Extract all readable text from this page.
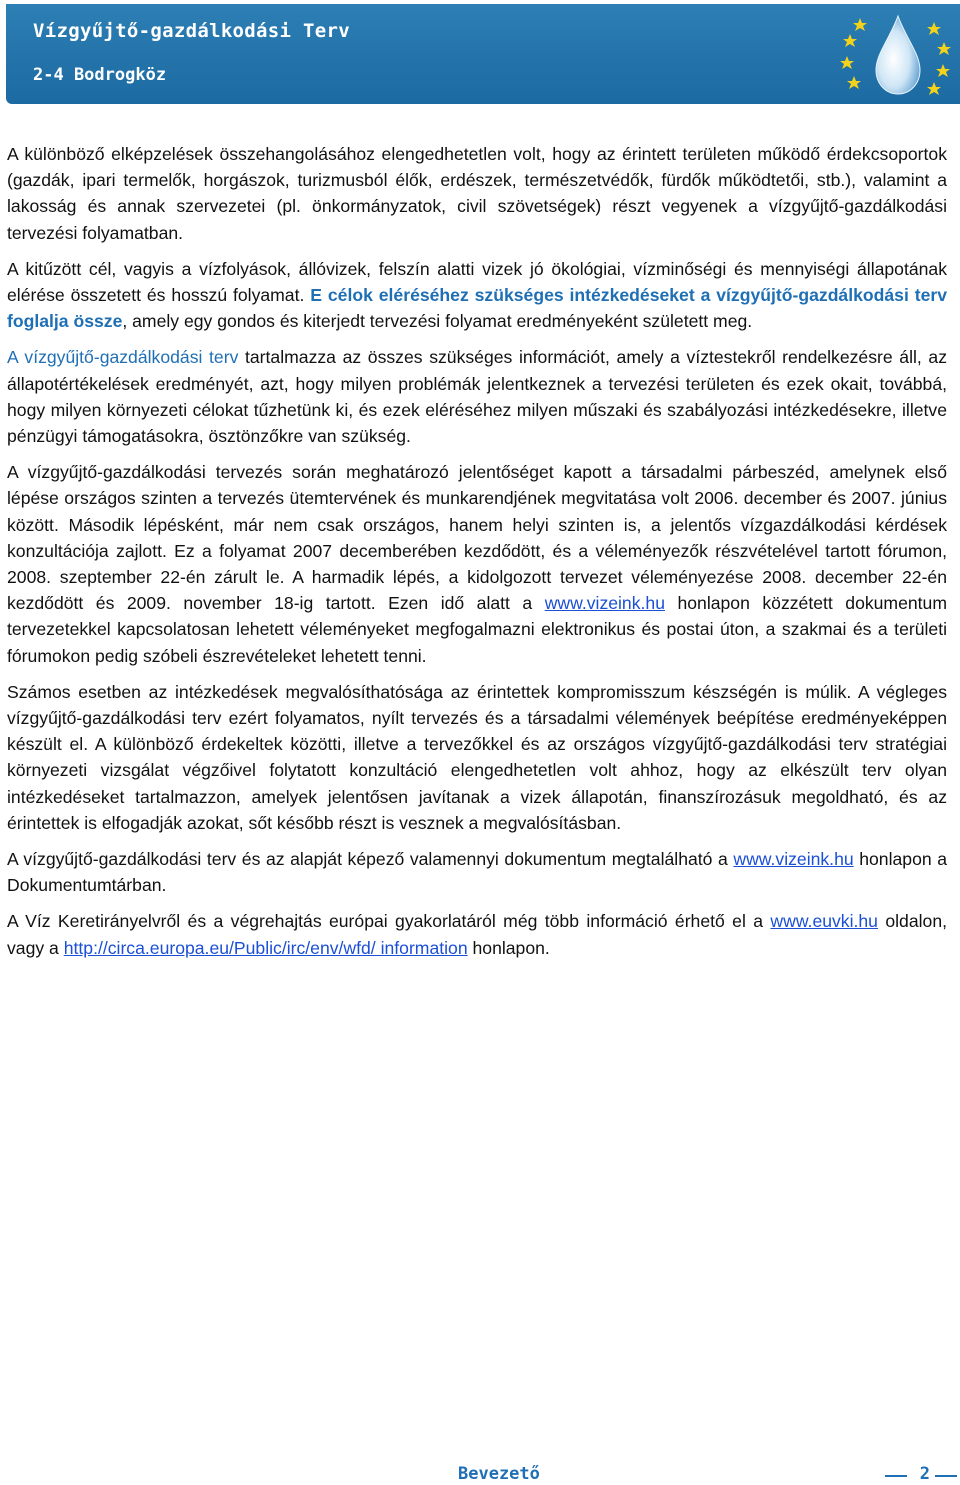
Vízgyűjtő-gazdálkodási Terv
2-4 Bodrogköz

A különböző elképzelések összehangolásához elengedhetetlen volt, hogy az érintett területen működő érdekcsoportok (gazdák, ipari termelők, horgászok, turizmusból élők, erdészek, természetvédők, fürdők működtetői, stb.), valamint a lakosság és annak szervezetei (pl. önkormányzatok, civil szövetségek) részt vegyenek a vízgyűjtő-gazdálkodási tervezési folyamatban.

A kitűzött cél, vagyis a vízfolyások, állóvizek, felszín alatti vizek jó ökológiai, vízminőségi és mennyiségi állapotának elérése összetett és hosszú folyamat. E célok eléréséhez szükséges intézkedéseket a vízgyűjtő-gazdálkodási terv foglalja össze, amely egy gondos és kiterjedt tervezési folyamat eredményeként született meg.

A vízgyűjtő-gazdálkodási terv tartalmazza az összes szükséges információt, amely a víztestekről rendelkezésre áll, az állapotértékelések eredményét, azt, hogy milyen problémák jelentkeznek a tervezési területen és ezek okait, továbbá, hogy milyen környezeti célokat tűzhetünk ki, és ezek eléréséhez milyen műszaki és szabályozási intézkedésekre, illetve pénzügyi támogatásokra, ösztönzőkre van szükség.

A vízgyűjtő-gazdálkodási tervezés során meghatározó jelentőséget kapott a társadalmi párbeszéd, amelynek első lépése országos szinten a tervezés ütemtervének és munkarendjének megvitatása volt 2006. december és 2007. június között. Második lépésként, már nem csak országos, hanem helyi szinten is, a jelentős vízgazdálkodási kérdések konzultációja zajlott. Ez a folyamat 2007 decemberében kezdődött, és a véleményezők részvételével tartott fórumon, 2008. szeptember 22-én zárult le. A harmadik lépés, a kidolgozott tervezet véleményezése 2008. december 22-én kezdődött és 2009. november 18-ig tartott. Ezen idő alatt a www.vizeink.hu honlapon közzétett dokumentum tervezetekkel kapcsolatosan lehetett véleményeket megfogalmazni elektronikus és postai úton, a szakmai és a területi fórumokon pedig szóbeli észrevételeket lehetett tenni.

Számos esetben az intézkedések megvalósíthatósága az érintettek kompromisszum készségén is múlik. A végleges vízgyűjtő-gazdálkodási terv ezért folyamatos, nyílt tervezés és a társadalmi vélemények beépítése eredményeképpen készült el. A különböző érdekeltek közötti, illetve a tervezőkkel és az országos vízgyűjtő-gazdálkodási terv stratégiai környezeti vizsgálat végzőivel folytatott konzultáció elengedhetetlen volt ahhoz, hogy az elkészült terv olyan intézkedéseket tartalmazzon, amelyek jelentősen javítanak a vizek állapotán, finanszírozásuk megoldható, és az érintettek is elfogadják azokat, sőt később részt is vesznek a megvalósításban.

A vízgyűjtő-gazdálkodási terv és az alapját képező valamennyi dokumentum megtalálható a www.vizeink.hu honlapon a Dokumentumtárban.

A Víz Keretirányelvről és a végrehajtás európai gyakorlatáról még több információ érhető el a www.euvki.hu oldalon, vagy a http://circa.europa.eu/Public/irc/env/wfd/ information honlapon.

Bevezető	2
